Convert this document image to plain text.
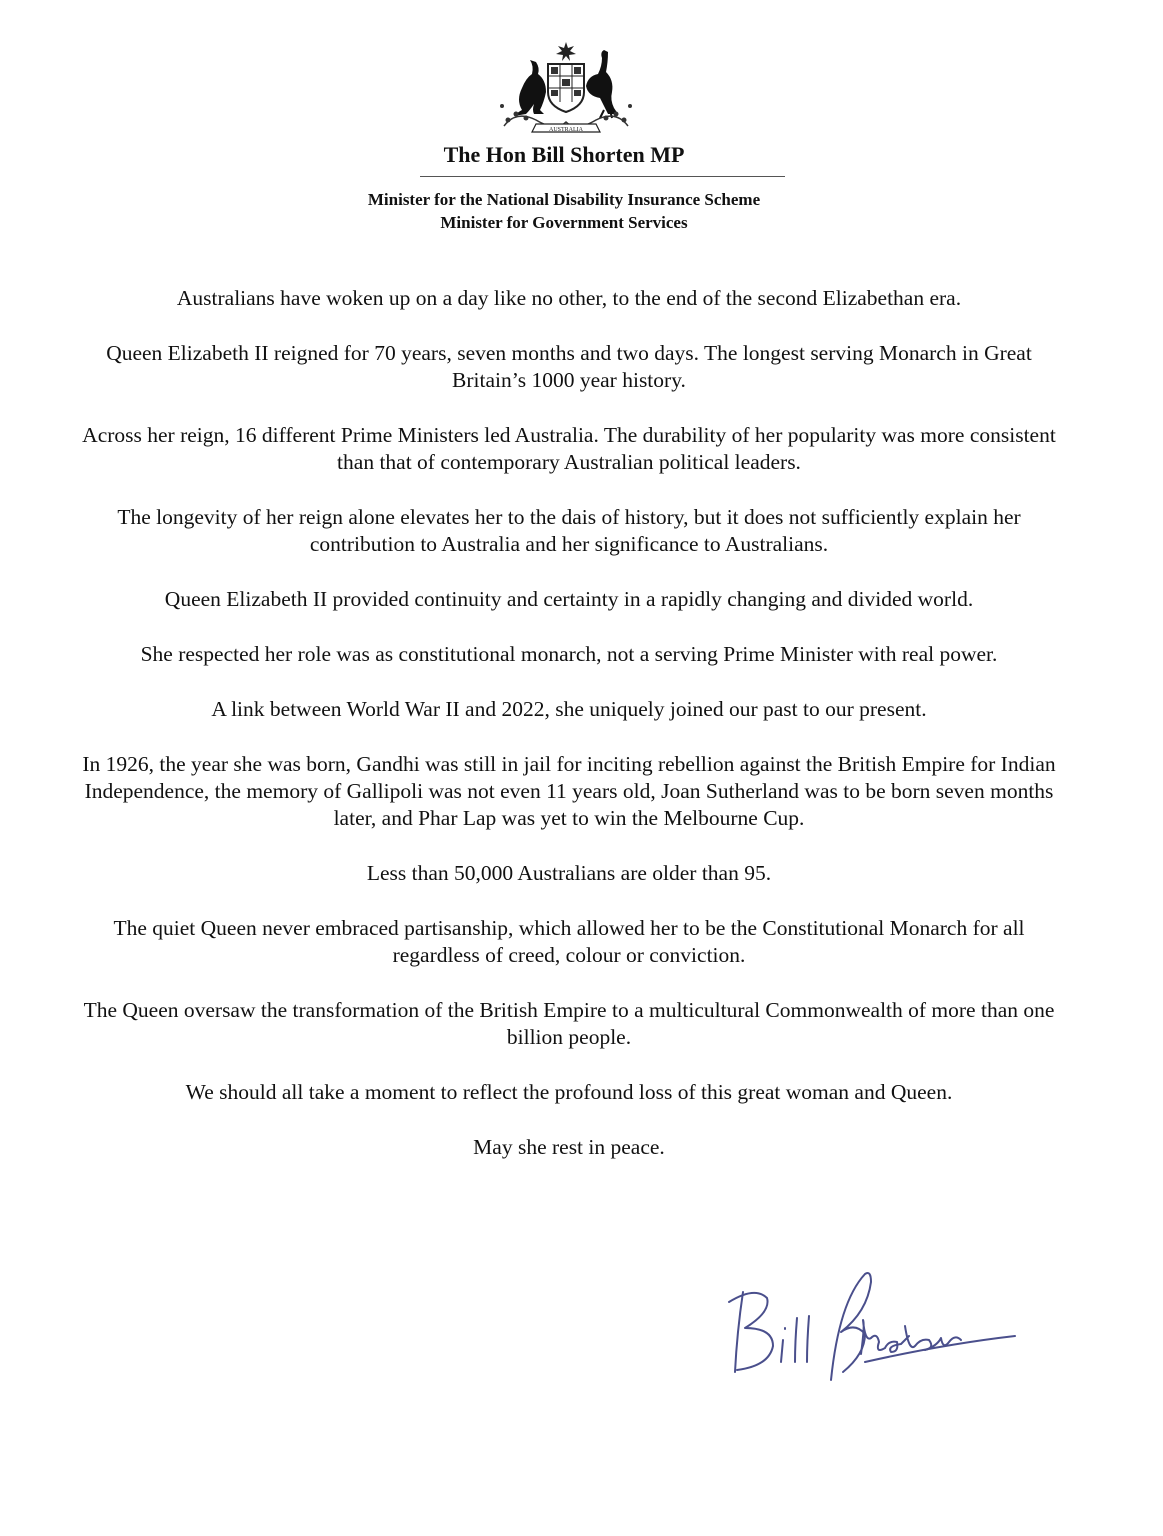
AUSTRALIA
The Hon Bill Shorten MP
Minister for the National Disability Insurance Scheme
Minister for Government Services

Australians have woken up on a day like no other, to the end of the second Elizabethan era.

Queen Elizabeth II reigned for 70 years, seven months and two days. The longest serving Monarch in Great Britain’s 1000 year history.

Across her reign, 16 different Prime Ministers led Australia. The durability of her popularity was more consistent than that of contemporary Australian political leaders.

The longevity of her reign alone elevates her to the dais of history, but it does not sufficiently explain her contribution to Australia and her significance to Australians.

Queen Elizabeth II provided continuity and certainty in a rapidly changing and divided world.

She respected her role was as constitutional monarch, not a serving Prime Minister with real power.

A link between World War II and 2022, she uniquely joined our past to our present.

In 1926, the year she was born, Gandhi was still in jail for inciting rebellion against the British Empire for Indian Independence, the memory of Gallipoli was not even 11 years old, Joan Sutherland was to be born seven months later, and Phar Lap was yet to win the Melbourne Cup.

Less than 50,000 Australians are older than 95.

The quiet Queen never embraced partisanship, which allowed her to be the Constitutional Monarch for all regardless of creed, colour or conviction.

The Queen oversaw the transformation of the British Empire to a multicultural Commonwealth of more than one billion people.

We should all take a moment to reflect the profound loss of this great woman and Queen.

May she rest in peace.
